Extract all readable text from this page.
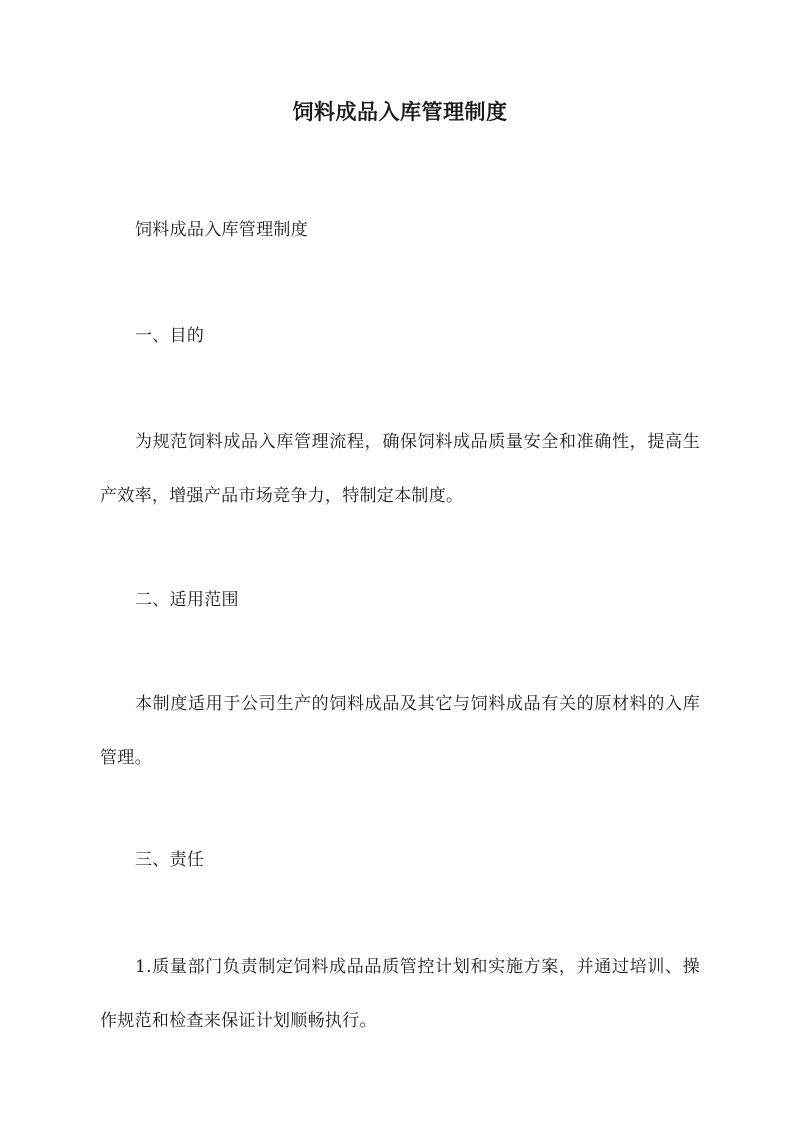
饲料成品入库管理制度
饲料成品入库管理制度
一、目的
为规范饲料成品入库管理流程，确保饲料成品质量安全和准确性，提高生产效率，增强产品市场竞争力，特制定本制度。
二、适用范围
本制度适用于公司生产的饲料成品及其它与饲料成品有关的原材料的入库管理。
三、责任
1.质量部门负责制定饲料成品品质管控计划和实施方案，并通过培训、操作规范和检查来保证计划顺畅执行。
